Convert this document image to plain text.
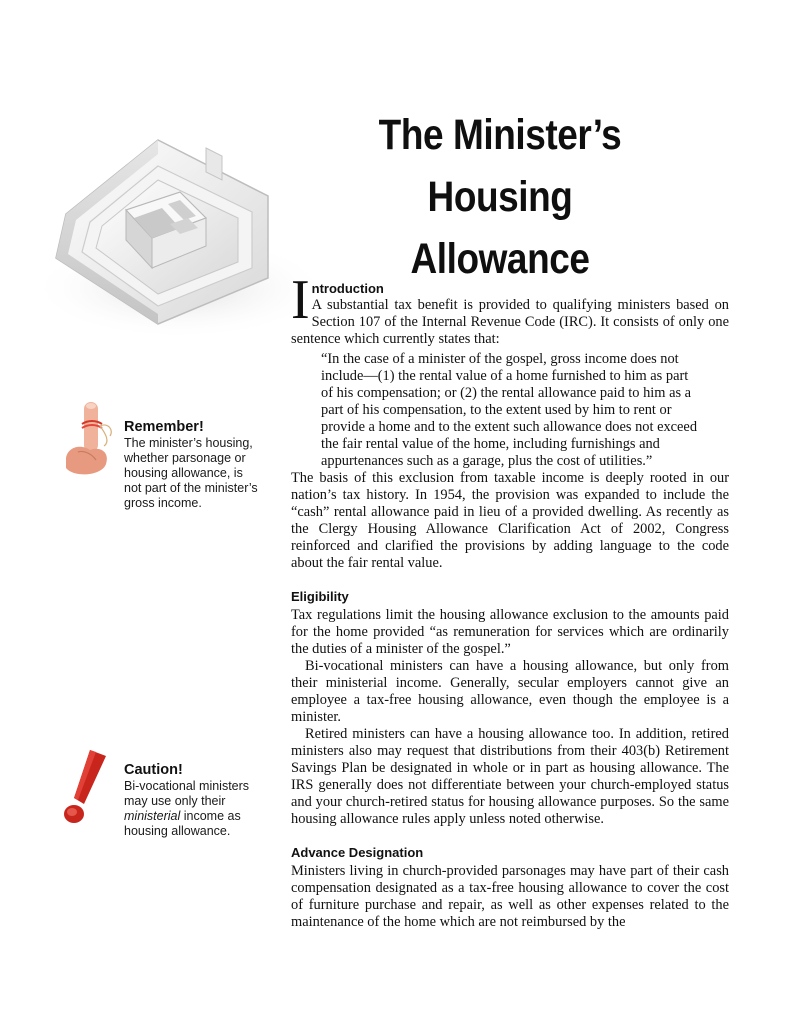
The Minister’s
Housing Allowance
Remember!
The minister’s housing,
whether parsonage or
housing allowance, is
not part of the minister’s
gross income.
Caution!
Bi-vocational ministers
may use only their
ministerial income as
housing allowance.
I ntroduction

A substantial tax benefit is provided to qualifying ministers based on Section 107 of the Internal Revenue Code (IRC). It consists of only one sentence which currently states that:

“In the case of a minister of the gospel, gross income does not include—(1) the rental value of a home furnished to him as part of his compensation; or (2) the rental allowance paid to him as a part of his compensation, to the extent used by him to rent or provide a home and to the extent such allowance does not exceed the fair rental value of the home, including furnishings and appurtenances such as a garage, plus the cost of utilities.”

The basis of this exclusion from taxable income is deeply rooted in our nation’s tax history. In 1954, the provision was expanded to include the “cash” rental allowance paid in lieu of a provided dwelling. As recently as the Clergy Housing Allowance Clarification Act of 2002, Congress reinforced and clarified the provisions by adding language to the code about the fair rental value.

Eligibility

Tax regulations limit the housing allowance exclusion to the amounts paid for the home provided “as remuneration for services which are ordinarily the duties of a minister of the gospel.”

Bi-vocational ministers can have a housing allowance, but only from their ministerial income. Generally, secular employers cannot give an employee a tax-free housing allowance, even though the employee is a minister.

Retired ministers can have a housing allowance too. In addition, retired ministers also may request that distributions from their 403(b) Retirement Savings Plan be designated in whole or in part as housing allowance. The IRS generally does not differentiate between your church-employed status and your church-retired status for housing allowance purposes. So the same housing allowance rules apply unless noted otherwise.

Advance Designation

Ministers living in church-provided parsonages may have part of their cash compensation designated as a tax-free housing allowance to cover the cost of furniture purchase and repair, as well as other expenses related to the maintenance of the home which are not reimbursed by the
